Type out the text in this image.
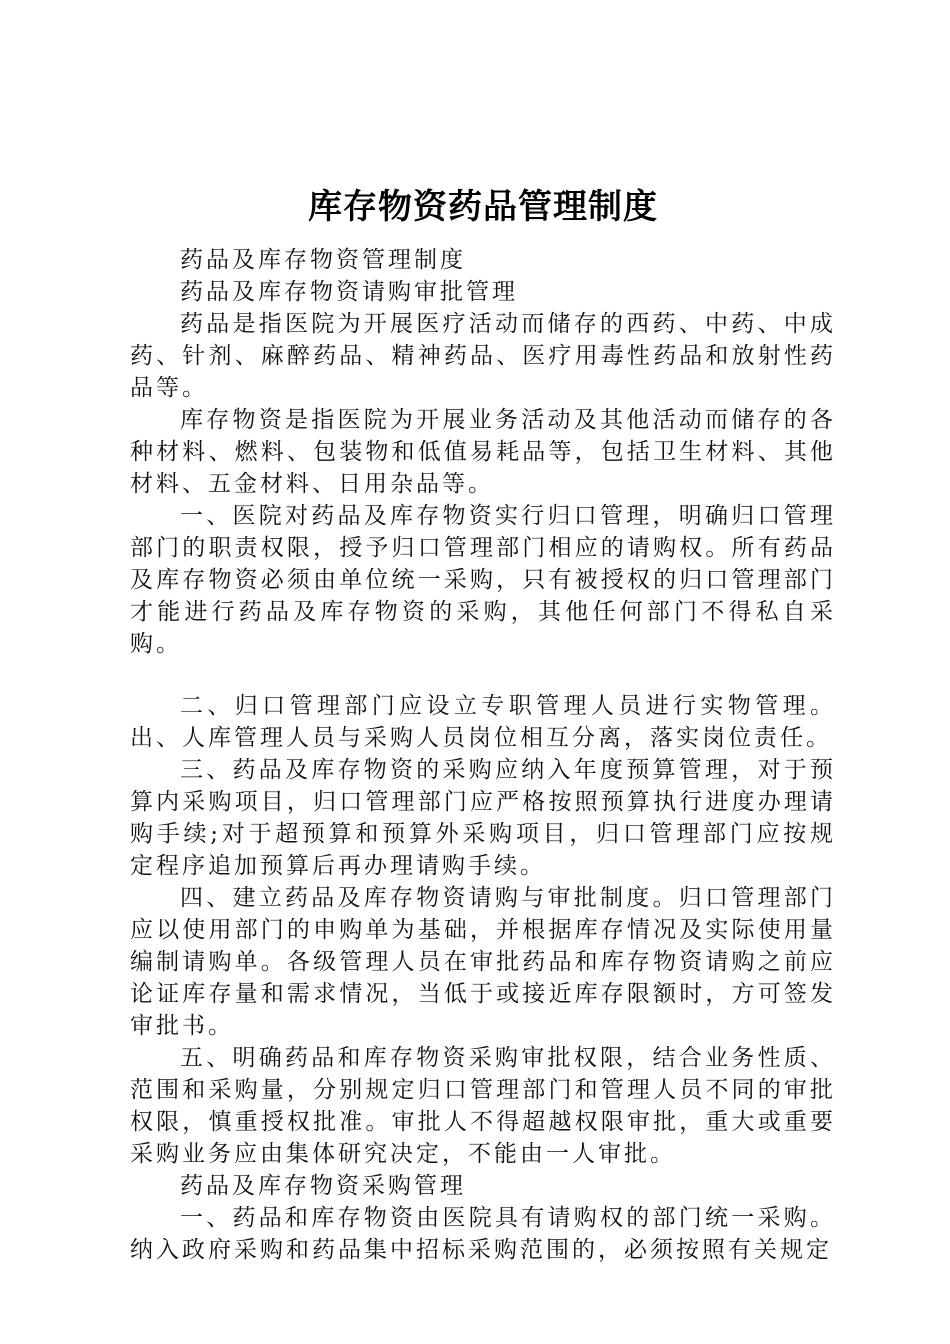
库存物资药品管理制度

药品及库存物资管理制度

药品及库存物资请购审批管理

药品是指医院为开展医疗活动而储存的西药、中药、中成药、针剂、麻醉药品、精神药品、医疗用毒性药品和放射性药品等。

库存物资是指医院为开展业务活动及其他活动而储存的各种材料、燃料、包装物和低值易耗品等，包括卫生材料、其他材料、五金材料、日用杂品等。

一、医院对药品及库存物资实行归口管理，明确归口管理部门的职责权限，授予归口管理部门相应的请购权。所有药品及库存物资必须由单位统一采购，只有被授权的归口管理部门才能进行药品及库存物资的采购，其他任何部门不得私自采购。

二、归口管理部门应设立专职管理人员进行实物管理。出、人库管理人员与采购人员岗位相互分离，落实岗位责任。

三、药品及库存物资的采购应纳入年度预算管理，对于预算内采购项目，归口管理部门应严格按照预算执行进度办理请购手续;对于超预算和预算外采购项目，归口管理部门应按规定程序追加预算后再办理请购手续。

四、建立药品及库存物资请购与审批制度。归口管理部门应以使用部门的申购单为基础，并根据库存情况及实际使用量编制请购单。各级管理人员在审批药品和库存物资请购之前应论证库存量和需求情况，当低于或接近库存限额时，方可签发审批书。

五、明确药品和库存物资采购审批权限，结合业务性质、范围和采购量，分别规定归口管理部门和管理人员不同的审批权限，慎重授权批准。审批人不得超越权限审批，重大或重要采购业务应由集体研究决定，不能由一人审批。

药品及库存物资采购管理

一、药品和库存物资由医院具有请购权的部门统一采购。纳入政府采购和药品集中招标采购范围的，必须按照有关规定
